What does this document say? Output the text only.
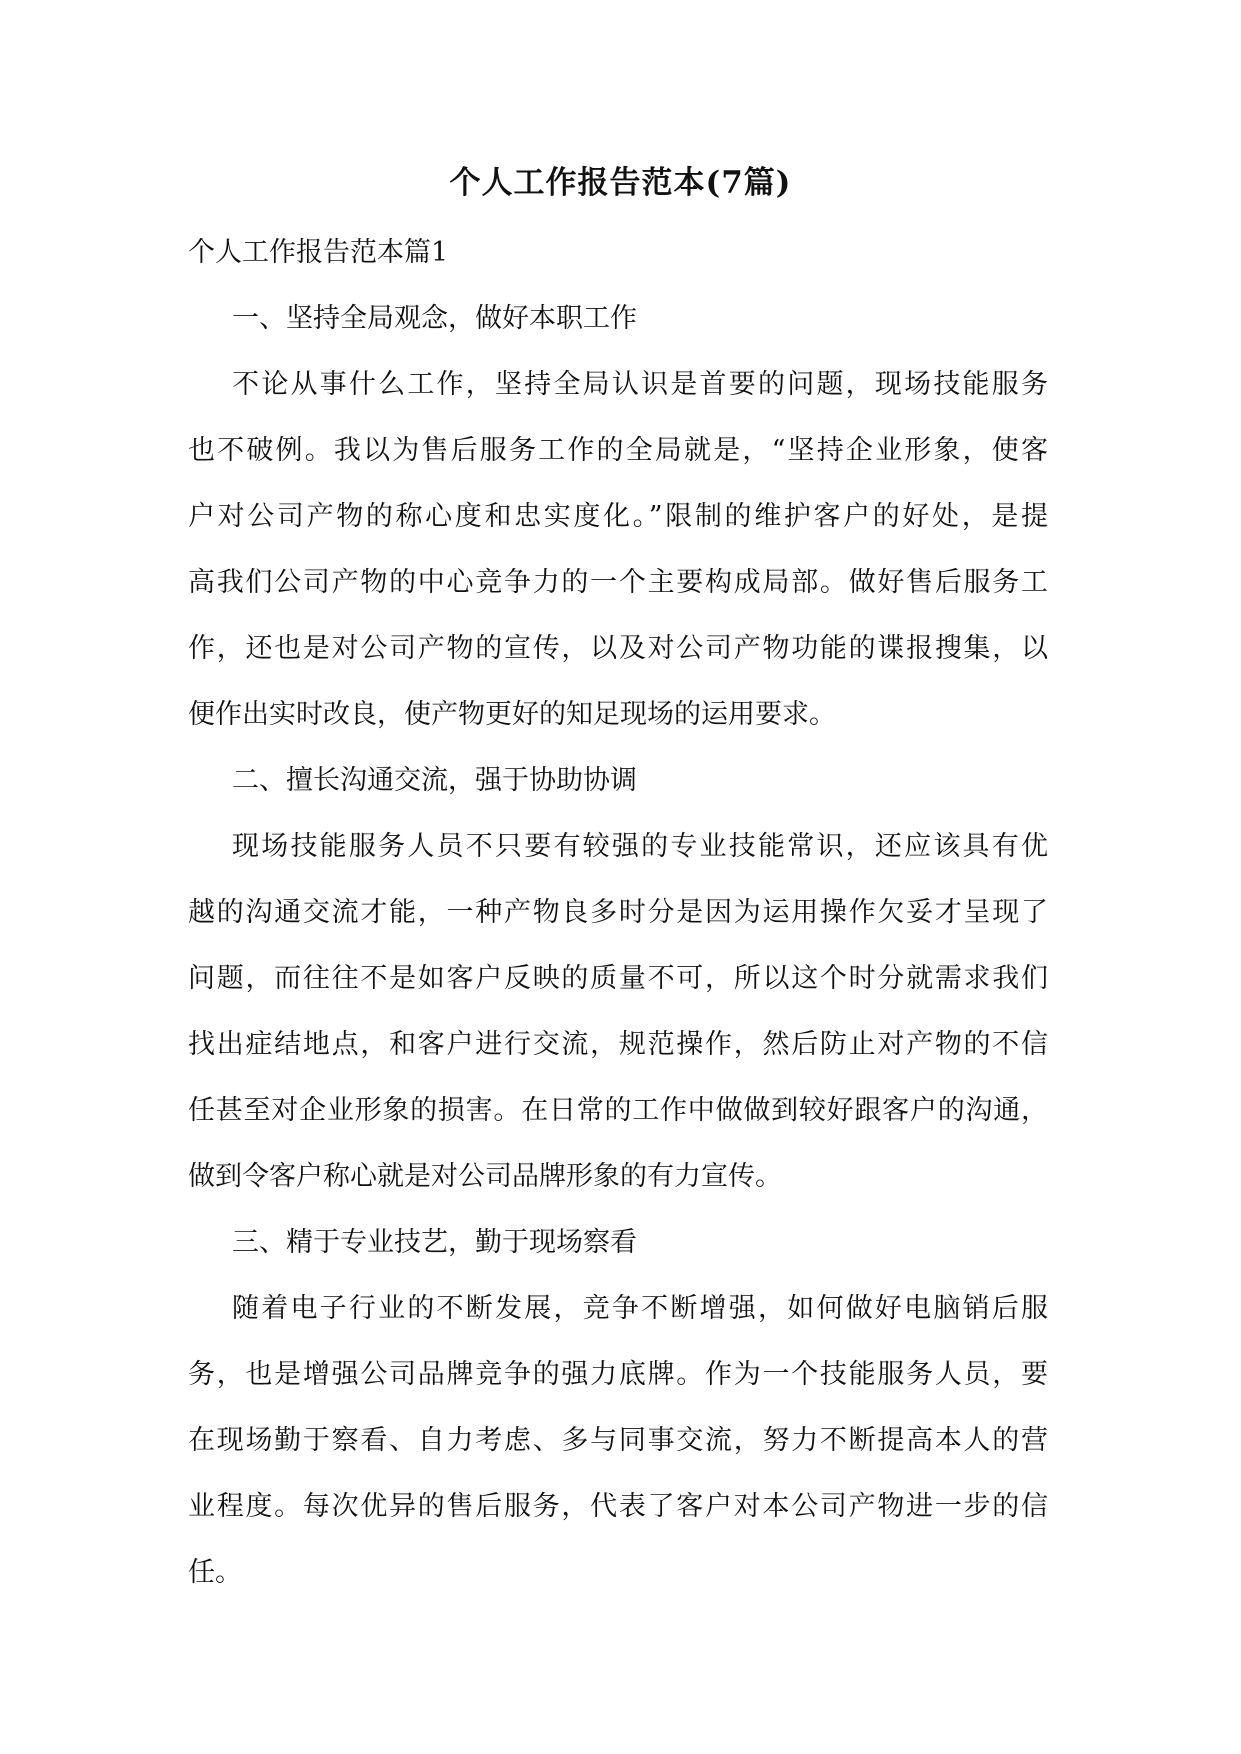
个人工作报告范本(7篇)

个人工作报告范本篇1

一、坚持全局观念，做好本职工作

不论从事什么工作，坚持全局认识是首要的问题，现场技能服务
也不破例。我以为售后服务工作的全局就是，“坚持企业形象，使客
户对公司产物的称心度和忠实度化。”限制的维护客户的好处，是提
高我们公司产物的中心竞争力的一个主要构成局部。做好售后服务工
作，还也是对公司产物的宣传，以及对公司产物功能的谍报搜集，以
便作出实时改良，使产物更好的知足现场的运用要求。

二、擅长沟通交流，强于协助协调

现场技能服务人员不只要有较强的专业技能常识，还应该具有优
越的沟通交流才能，一种产物良多时分是因为运用操作欠妥才呈现了
问题，而往往不是如客户反映的质量不可，所以这个时分就需求我们
找出症结地点，和客户进行交流，规范操作，然后防止对产物的不信
任甚至对企业形象的损害。在日常的工作中做做到较好跟客户的沟通，
做到令客户称心就是对公司品牌形象的有力宣传。

三、精于专业技艺，勤于现场察看

随着电子行业的不断发展，竞争不断增强，如何做好电脑销后服
务，也是增强公司品牌竞争的强力底牌。作为一个技能服务人员，要
在现场勤于察看、自力考虑、多与同事交流，努力不断提高本人的营
业程度。每次优异的售后服务，代表了客户对本公司产物进一步的信
任。
